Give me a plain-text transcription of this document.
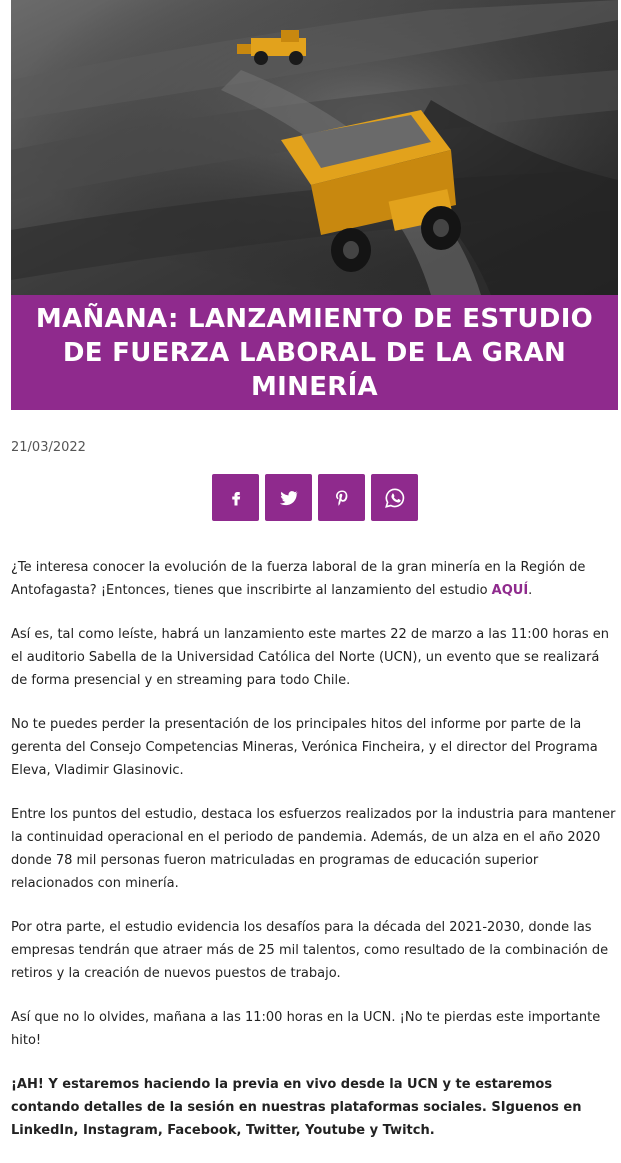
MAÑANA: LANZAMIENTO DE ESTUDIO DE FUERZA LABORAL DE LA GRAN MINERÍA
21/03/2022

¿Te interesa conocer la evolución de la fuerza laboral de la gran minería en la Región de Antofagasta? ¡Entonces, tienes que inscribirte al lanzamiento del estudio AQUÍ.

Así es, tal como leíste, habrá un lanzamiento este martes 22 de marzo a las 11:00 horas en el auditorio Sabella de la Universidad Católica del Norte (UCN), un evento que se realizará de forma presencial y en streaming para todo Chile.

No te puedes perder la presentación de los principales hitos del informe por parte de la gerenta del Consejo Competencias Mineras, Verónica Fincheira, y el director del Programa Eleva, Vladimir Glasinovic.

Entre los puntos del estudio, destaca los esfuerzos realizados por la industria para mantener la continuidad operacional en el periodo de pandemia. Además, de un alza en el año 2020 donde 78 mil personas fueron matriculadas en programas de educación superior relacionados con minería.

Por otra parte, el estudio evidencia los desafíos para la década del 2021-2030, donde las empresas tendrán que atraer más de 25 mil talentos, como resultado de la combinación de retiros y la creación de nuevos puestos de trabajo.

Así que no lo olvides, mañana a las 11:00 horas en la UCN. ¡No te pierdas este importante hito!

¡AH! Y estaremos haciendo la previa en vivo desde la UCN y te estaremos contando detalles de la sesión en nuestras plataformas sociales. SIguenos en LinkedIn, Instagram, Facebook, Twitter, Youtube y Twitch.
